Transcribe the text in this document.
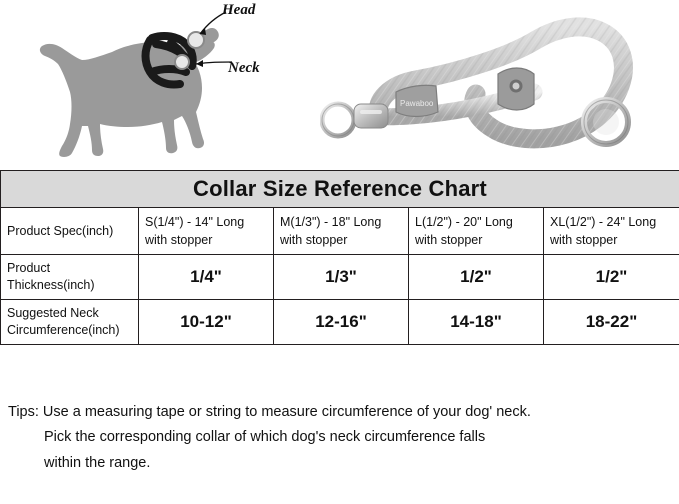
Head
Neck
Pawaboo
Collar Size Reference Chart				
Product Spec(inch)	S(1/4") - 14" Long with stopper	M(1/3") - 18" Long with stopper	L(1/2") - 20" Long with stopper	XL(1/2") - 24" Long with stopper
Product Thickness(inch)	1/4"	1/3"	1/2"	1/2"
Suggested Neck Circumference(inch)	10-12"	12-16"	14-18"	18-22"
Tips: Use a measuring tape or string to measure circumference of your dog' neck.
Pick the corresponding collar of which dog's neck circumference falls
within the range.
